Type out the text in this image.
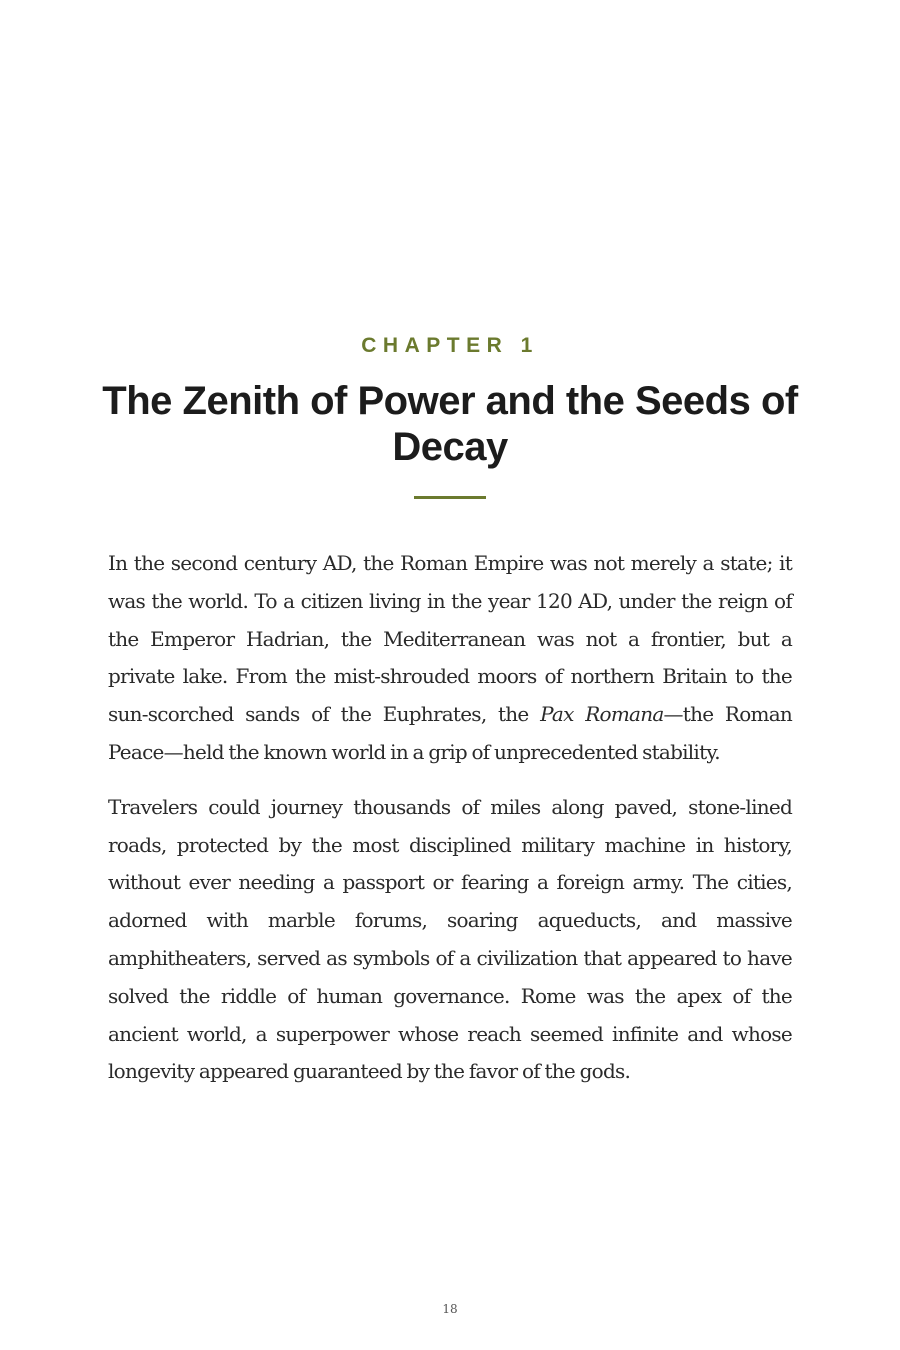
CHAPTER 1
The Zenith of Power and the Seeds of Decay

In the second century AD, the Roman Empire was not merely a state; it was the world. To a citizen living in the year 120 AD, under the reign of the Emperor Hadrian, the Mediterranean was not a frontier, but a private lake. From the mist-shrouded moors of northern Britain to the sun-scorched sands of the Euphrates, the Pax Romana—the Roman Peace—held the known world in a grip of unprecedented stability.

Travelers could journey thousands of miles along paved, stone-lined roads, protected by the most disciplined military machine in history, without ever needing a passport or fearing a foreign army. The cities, adorned with marble forums, soaring aqueducts, and massive amphitheaters, served as symbols of a civilization that appeared to have solved the riddle of human governance. Rome was the apex of the ancient world, a superpower whose reach seemed infinite and whose longevity appeared guaranteed by the favor of the gods.

18
